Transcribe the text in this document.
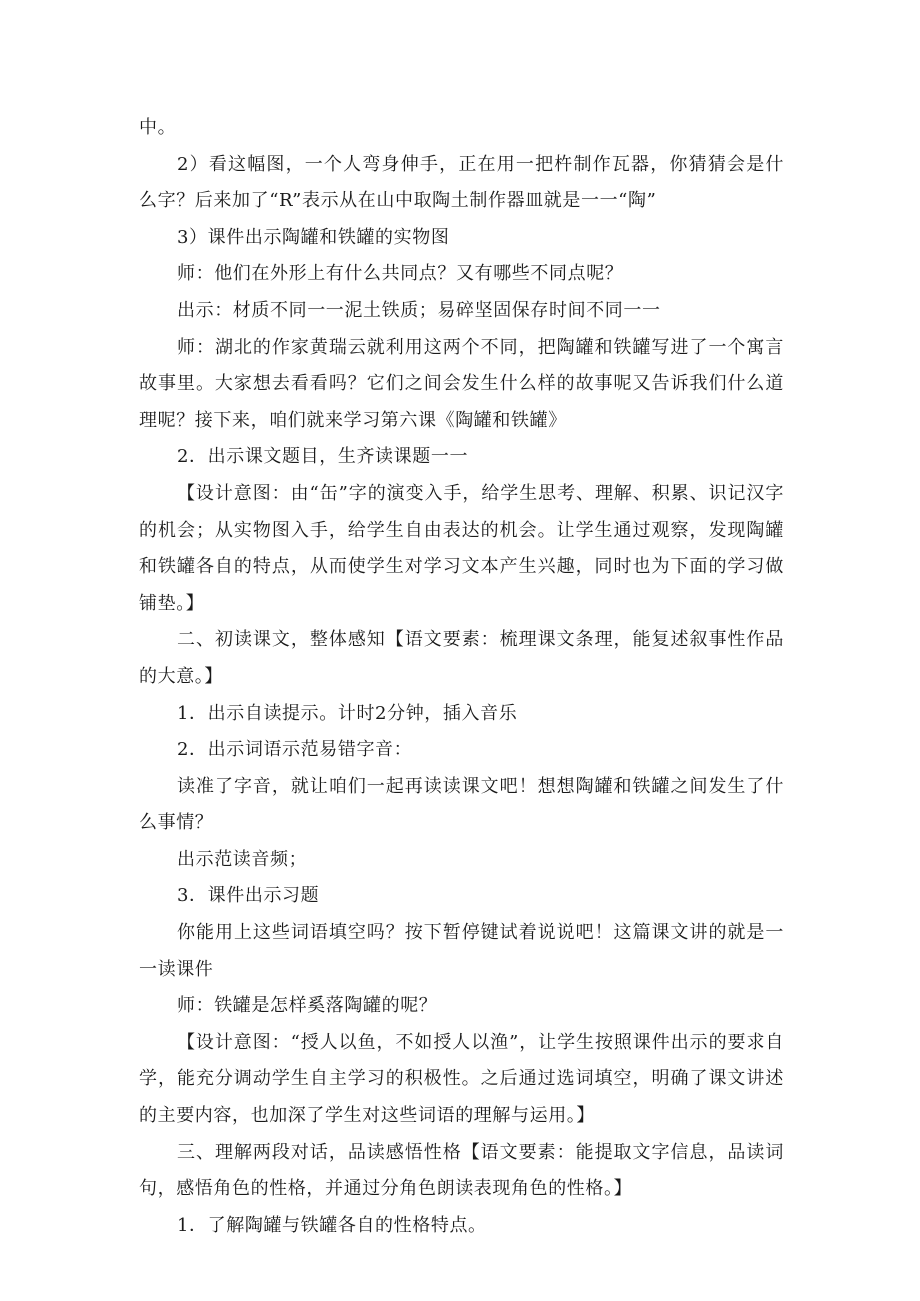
中。

2）看这幅图，一个人弯身伸手，正在用一把杵制作瓦器，你猜猜会是什么字？后来加了“R”表示从在山中取陶土制作器皿就是一一“陶”

3）课件出示陶罐和铁罐的实物图

师：他们在外形上有什么共同点？又有哪些不同点呢？

出示：材质不同一一泥土铁质；易碎坚固保存时间不同一一

师：湖北的作家黄瑞云就利用这两个不同，把陶罐和铁罐写进了一个寓言故事里。大家想去看看吗？它们之间会发生什么样的故事呢又告诉我们什么道理呢？接下来，咱们就来学习第六课《陶罐和铁罐》

2．出示课文题目，生齐读课题一一

【设计意图：由“缶”字的演变入手，给学生思考、理解、积累、识记汉字的机会；从实物图入手，给学生自由表达的机会。让学生通过观察，发现陶罐和铁罐各自的特点，从而使学生对学习文本产生兴趣，同时也为下面的学习做铺垫。】

二、初读课文，整体感知【语文要素：梳理课文条理，能复述叙事性作品的大意。】

1．出示自读提示。计时2分钟，插入音乐

2．出示词语示范易错字音：

读准了字音，就让咱们一起再读读课文吧！想想陶罐和铁罐之间发生了什么事情？

出示范读音频；

3．课件出示习题

你能用上这些词语填空吗？按下暂停键试着说说吧！这篇课文讲的就是一一读课件

师：铁罐是怎样奚落陶罐的呢？

【设计意图：“授人以鱼，不如授人以渔”，让学生按照课件出示的要求自学，能充分调动学生自主学习的积极性。之后通过选词填空，明确了课文讲述的主要内容，也加深了学生对这些词语的理解与运用。】

三、理解两段对话，品读感悟性格【语文要素：能提取文字信息，品读词句，感悟角色的性格，并通过分角色朗读表现角色的性格。】

1．了解陶罐与铁罐各自的性格特点。
